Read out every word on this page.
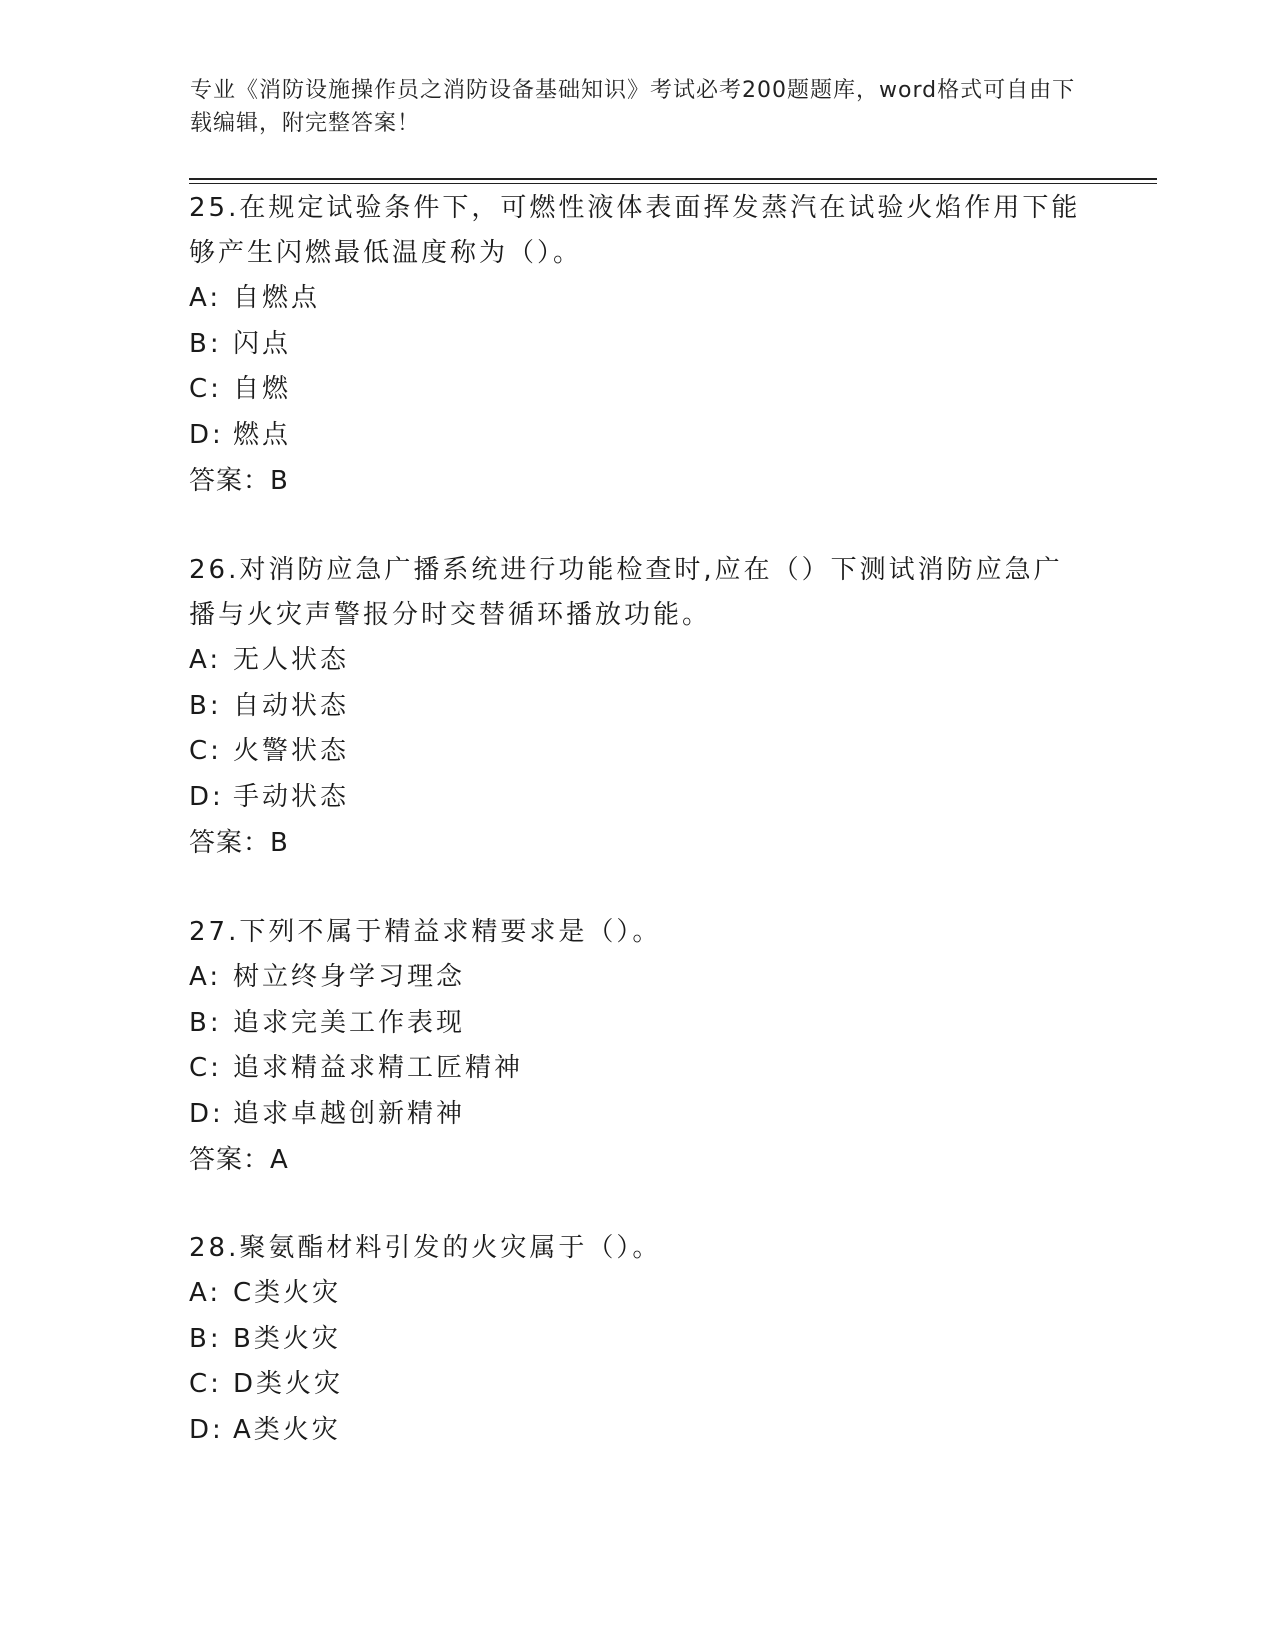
专业《消防设施操作员之消防设备基础知识》考试必考200题题库，word格式可自由下载编辑，附完整答案！

25.在规定试验条件下，可燃性液体表面挥发蒸汽在试验火焰作用下能够产生闪燃最低温度称为（）。

A: 自燃点

B: 闪点

C: 自燃

D: 燃点

答案：B

26.对消防应急广播系统进行功能检查时,应在（）下测试消防应急广播与火灾声警报分时交替循环播放功能。

A: 无人状态

B: 自动状态

C: 火警状态

D: 手动状态

答案：B

27.下列不属于精益求精要求是（）。

A: 树立终身学习理念

B: 追求完美工作表现

C: 追求精益求精工匠精神

D: 追求卓越创新精神

答案：A

28.聚氨酯材料引发的火灾属于（）。

A: C类火灾

B: B类火灾

C: D类火灾

D: A类火灾
